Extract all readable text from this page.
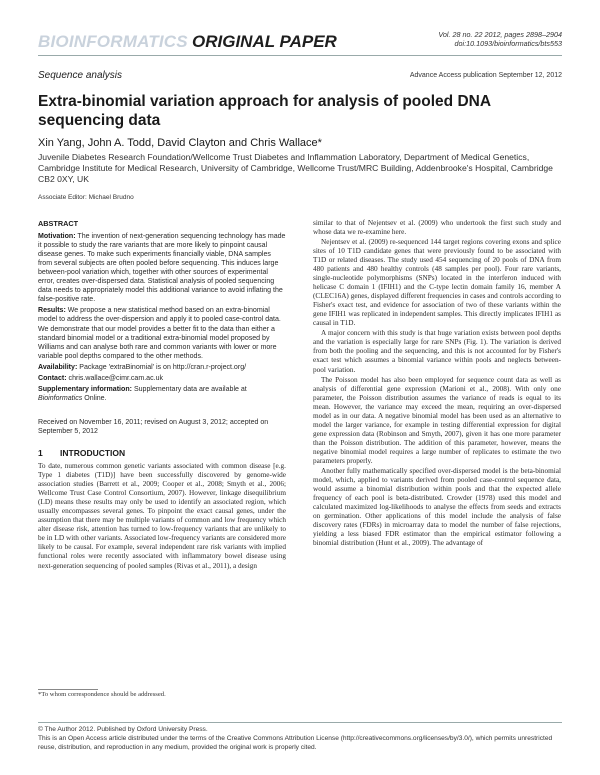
BIOINFORMATICS ORIGINAL PAPER	Vol. 28 no. 22 2012, pages 2898–2904
doi:10.1093/bioinformatics/bts553
Sequence analysis	Advance Access publication September 12, 2012
Extra-binomial variation approach for analysis of pooled DNA sequencing data
Xin Yang, John A. Todd, David Clayton and Chris Wallace*

Juvenile Diabetes Research Foundation/Wellcome Trust Diabetes and Inflammation Laboratory, Department of Medical Genetics, Cambridge Institute for Medical Research, University of Cambridge, Wellcome Trust/MRC Building, Addenbrooke's Hospital, Cambridge CB2 0XY, UK

Associate Editor: Michael Brudno
ABSTRACT

Motivation: The invention of next-generation sequencing technology has made it possible to study the rare variants that are more likely to pinpoint causal disease genes. To make such experiments financially viable, DNA samples from several subjects are often pooled before sequencing. This induces large between-pool variation which, together with other sources of experimental error, creates over-dispersed data. Statistical analysis of pooled sequencing data needs to appropriately model this additional variance to avoid inflating the false-positive rate.

Results: We propose a new statistical method based on an extra-binomial model to address the over-dispersion and apply it to pooled case-control data. We demonstrate that our model provides a better fit to the data than either a standard binomial model or a traditional extra-binomial model proposed by Williams and can analyse both rare and common variants with lower or more variable pool depths compared to the other methods.

Availability: Package 'extraBinomial' is on http://cran.r-project.org/

Contact: chris.wallace@cimr.cam.ac.uk

Supplementary information: Supplementary data are available at Bioinformatics Online.

Received on November 16, 2011; revised on August 3, 2012; accepted on September 5, 2012
1 INTRODUCTION

To date, numerous common genetic variants associated with common disease [e.g. Type 1 diabetes (T1D)] have been successfully discovered by genome-wide association studies (Barrett et al., 2009; Cooper et al., 2008; Smyth et al., 2006; Wellcome Trust Case Control Consortium, 2007). However, linkage disequilibrium (LD) means these results may only be used to identify an associated region, which usually encompasses several genes. To pinpoint the exact causal genes, under the assumption that there may be multiple variants of common and low frequency which alter disease risk, attention has turned to low-frequency variants that are unlikely to be in LD with other variants. Associated low-frequency variants are considered more likely to be causal. For example, several independent rare risk variants with implied functional roles were recently associated with inflammatory bowel disease using next-generation sequencing of pooled samples (Rivas et al., 2011), a design

*To whom correspondence should be addressed.

similar to that of Nejentsev et al. (2009) who undertook the first such study and whose data we re-examine here.

Nejentsev et al. (2009) re-sequenced 144 target regions covering exons and splice sites of 10 T1D candidate genes that were previously found to be associated with T1D or related diseases. The study used 454 sequencing of 20 pools of DNA from 480 patients and 480 healthy controls (48 samples per pool). Four rare variants, single-nucleotide polymorphisms (SNPs) located in the interferon induced with helicase C domain 1 (IFIH1) and the C-type lectin domain family 16, member A (CLEC16A) genes, displayed different frequencies in cases and controls according to Fisher's exact test, and evidence for association of two of these variants within the gene IFIH1 was replicated in independent samples. This directly implicates IFIH1 as causal in T1D.

A major concern with this study is that huge variation exists between pool depths and the variation is especially large for rare SNPs (Fig. 1). The variation is derived from both the pooling and the sequencing, and this is not accounted for by Fisher's exact test which assumes a binomial variance within pools and neglects between-pool variation.

The Poisson model has also been employed for sequence count data as well as analysis of differential gene expression (Marioni et al., 2008). With only one parameter, the Poisson distribution assumes the variance of reads is equal to its mean. However, the variance may exceed the mean, requiring an over-dispersed model as in our data. A negative binomial model has been used as an alternative to model the larger variance, for example in testing differential expression for digital gene expression data (Robinson and Smyth, 2007), given it has one more parameter than the Poisson distribution. The addition of this parameter, however, means the negative binomial model requires a large number of replicates to estimate the two parameters properly.

Another fully mathematically specified over-dispersed model is the beta-binomial model, which, applied to variants derived from pooled case-control sequence data, would assume a binomial distribution within pools and that the expected allele frequency of each pool is beta-distributed. Crowder (1978) used this model and calculated maximized log-likelihoods to analyse the effects from seeds and extracts on germination. Other applications of this model include the analysis of false discovery rates (FDRs) in microarray data to model the number of false rejections, yielding a less biased FDR estimator than the empirical estimator following a binomial distribution (Hunt et al., 2009). The advantage of

© The Author 2012. Published by Oxford University Press.

This is an Open Access article distributed under the terms of the Creative Commons Attribution License (http://creativecommons.org/licenses/by/3.0/), which permits unrestricted reuse, distribution, and reproduction in any medium, provided the original work is properly cited.
